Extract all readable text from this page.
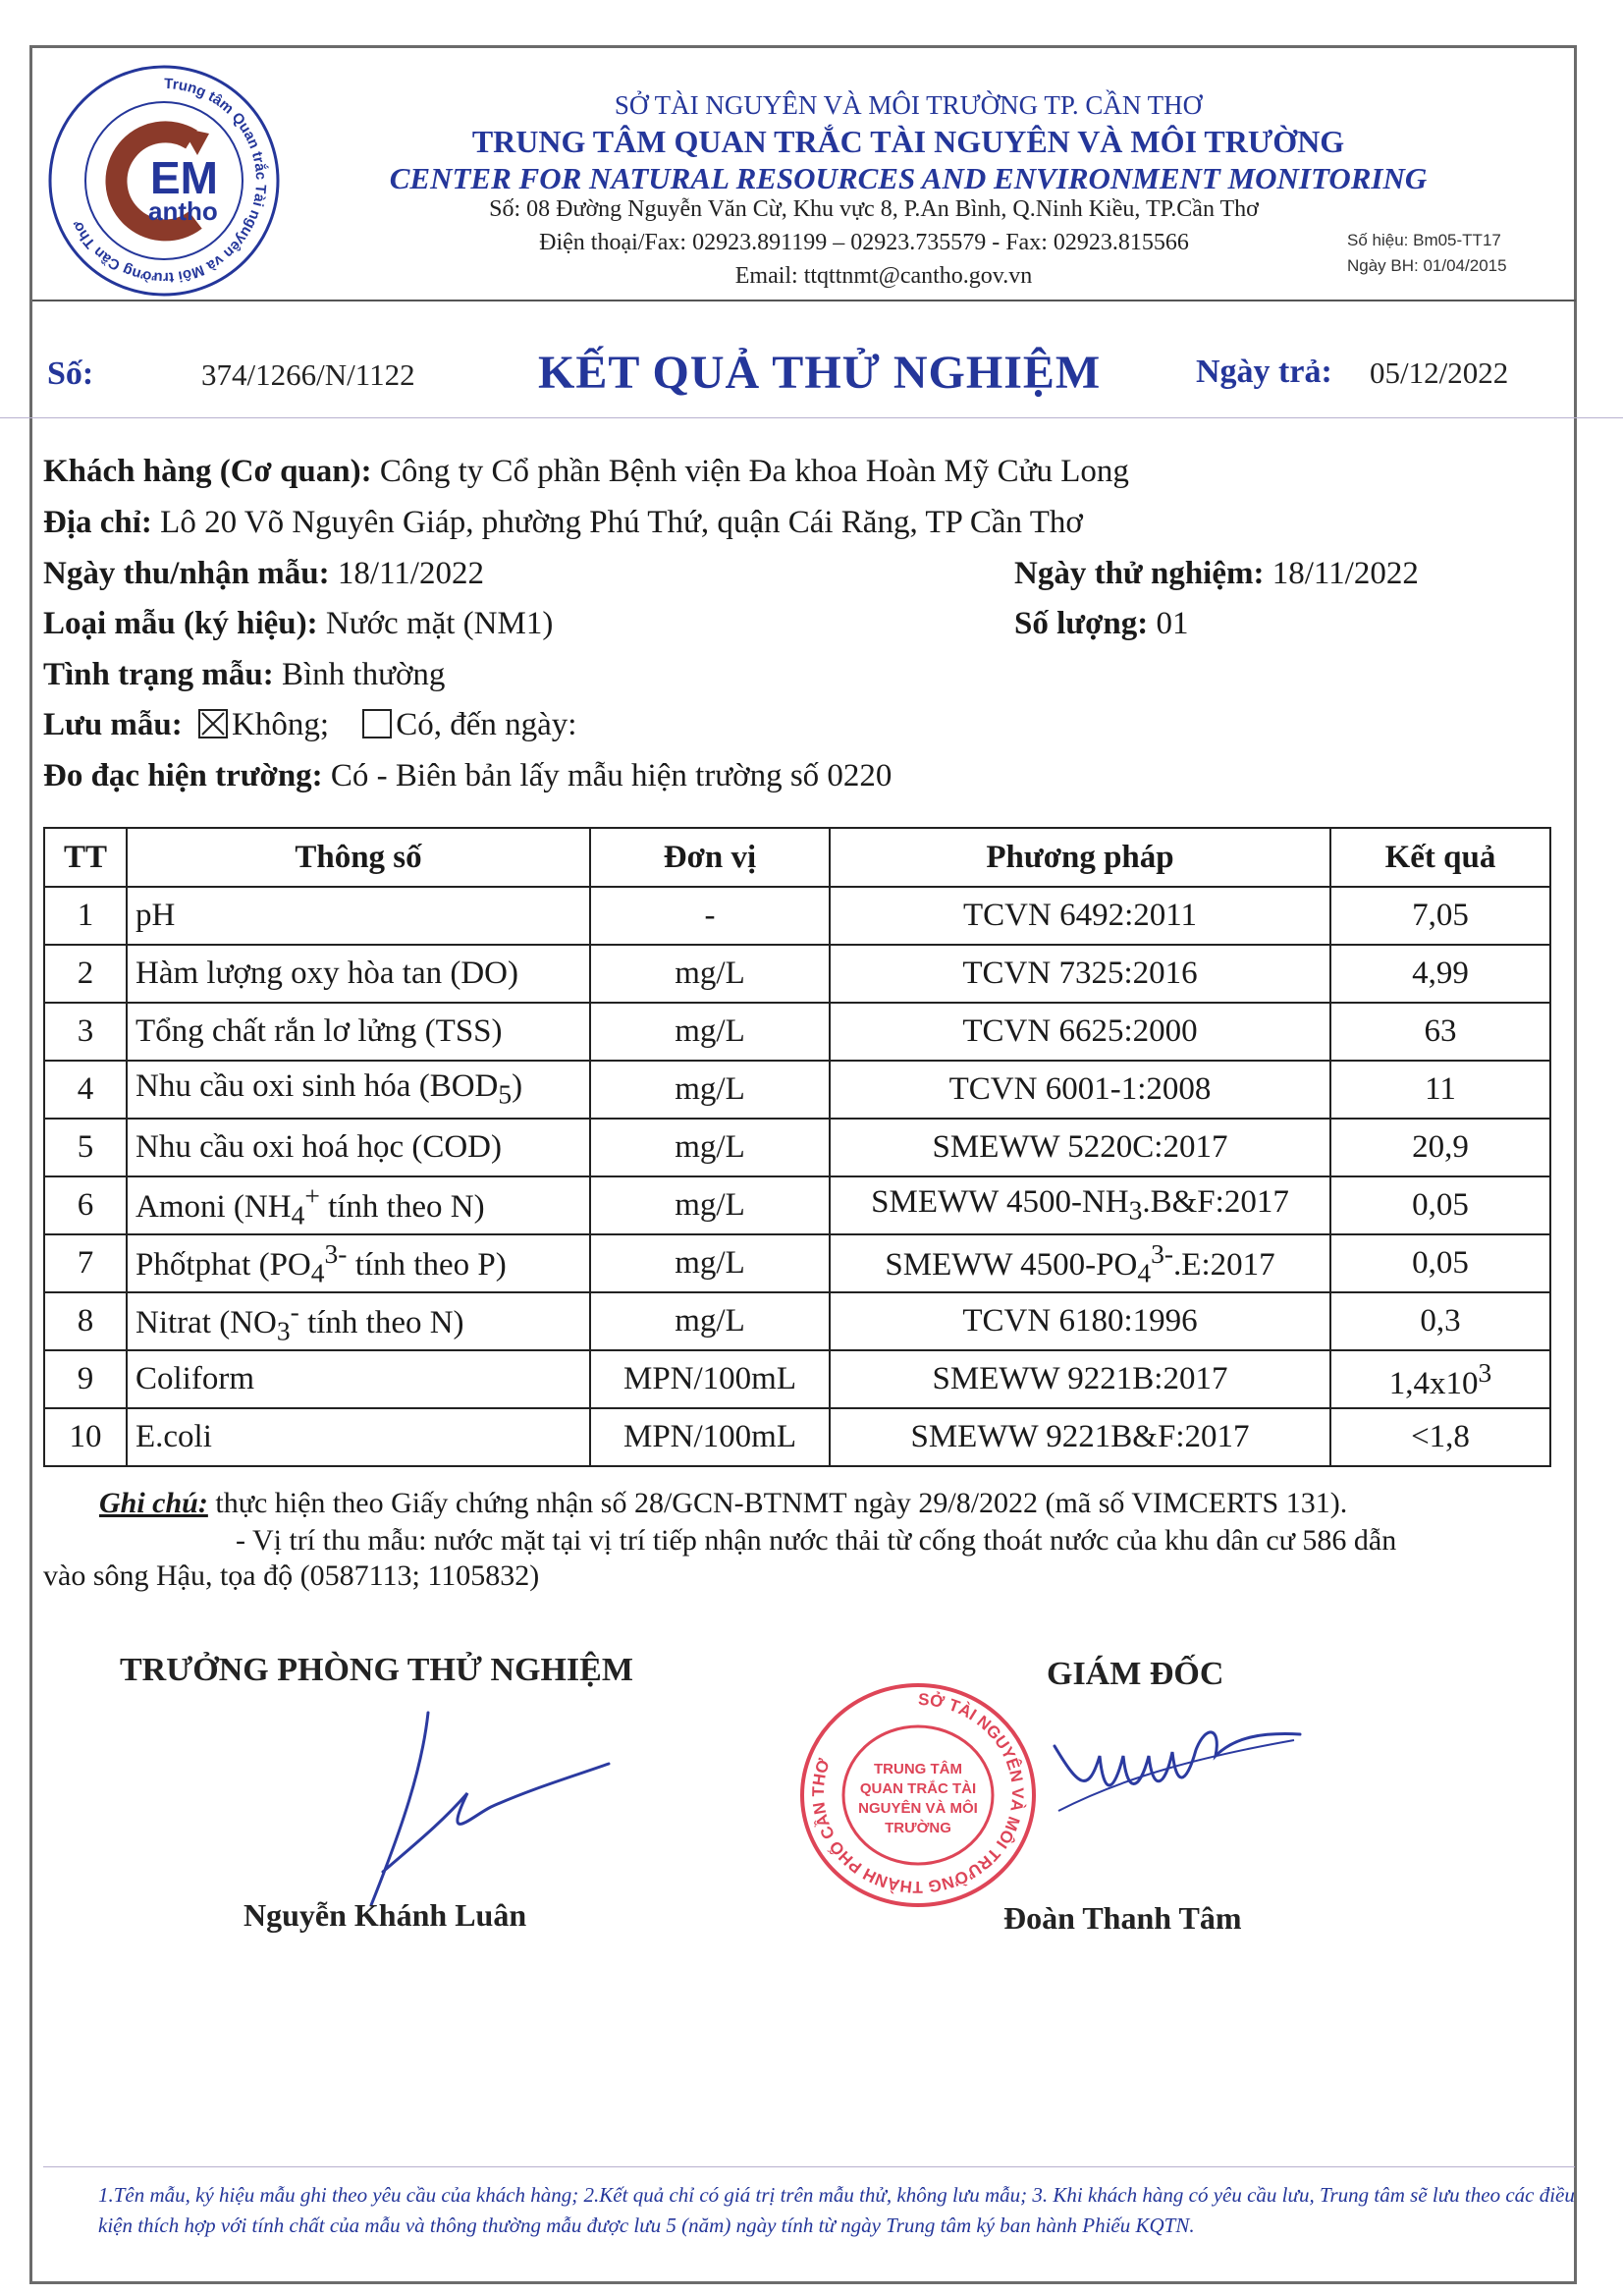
Trung tâm Quan trắc Tài nguyên và Môi trường Cần Thơ
EM
antho
SỞ TÀI NGUYÊN VÀ MÔI TRƯỜNG TP. CẦN THƠ
TRUNG TÂM QUAN TRẮC TÀI NGUYÊN VÀ MÔI TRƯỜNG
CENTER FOR NATURAL RESOURCES AND ENVIRONMENT MONITORING
Số: 08 Đường Nguyễn Văn Cừ, Khu vực 8, P.An Bình, Q.Ninh Kiều, TP.Cần Thơ
Điện thoại/Fax: 02923.891199 – 02923.735579 - Fax: 02923.815566
Email: ttqttnmt@cantho.gov.vn
Số hiệu: Bm05-TT17
Ngày BH: 01/04/2015
Số:	374/1266/N/1122	KẾT QUẢ THỬ NGHIỆM	Ngày trả: 05/12/2022
Khách hàng (Cơ quan): Công ty Cổ phần Bệnh viện Đa khoa Hoàn Mỹ Cửu Long
Địa chỉ: Lô 20 Võ Nguyên Giáp, phường Phú Thứ, quận Cái Răng, TP Cần Thơ
Ngày thu/nhận mẫu: 18/11/2022	Ngày thử nghiệm: 18/11/2022
Loại mẫu (ký hiệu): Nước mặt (NM1)	Số lượng: 01
Tình trạng mẫu: Bình thường
Lưu mẫu: Không; Có, đến ngày:
Đo đạc hiện trường: Có - Biên bản lấy mẫu hiện trường số 0220
TT	Thông số	Đơn vị	Phương pháp	Kết quả
1	pH	-	TCVN 6492:2011	7,05
2	Hàm lượng oxy hòa tan (DO)	mg/L	TCVN 7325:2016	4,99
3	Tổng chất rắn lơ lửng (TSS)	mg/L	TCVN 6625:2000	63
4	Nhu cầu oxi sinh hóa $(BOD_5)$	mg/L	TCVN 6001-1:2008	11
5	Nhu cầu oxi hoá học (COD)	mg/L	SMEWW 5220C:2017	20,9
6	Amoni ($NH_4^+$ tính theo N)	mg/L	SMEWW $4500-NH_3.B\&F:2017$	0,05
7	Phốtphat ($PO_4^{3-}$ tính theo P)	mg/L	SMEWW $4500-PO_4^{3-}.E:2017$	0,05
8	Nitrat ($NO_3^-$ tính theo N)	mg/L	TCVN 6180:1996	0,3
9	Coliform	MPN/100mL	SMEWW 9221B:2017	$1,4x10^3$
10	E.coli	MPN/100mL	SMEWW 9221B&F:2017	<1,8
Ghi chú: thực hiện theo Giấy chứng nhận số 28/GCN-BTNMT ngày 29/8/2022 (mã số VIMCERTS 131).
- Vị trí thu mẫu: nước mặt tại vị trí tiếp nhận nước thải từ cống thoát nước của khu dân cư 586 dẫn
vào sông Hậu, tọa độ (0587113; 1105832)
TRƯỞNG PHÒNG THỬ NGHIỆM	GIÁM ĐỐC
SỞ TÀI NGUYÊN VÀ MÔI TRƯỜNG THÀNH PHỐ CẦN THƠ	TRUNG TÂM QUAN TRẮC TÀI NGUYÊN VÀ MÔI TRƯỜNG
Nguyễn Khánh Luân	Đoàn Thanh Tâm
1.Tên mẫu, ký hiệu mẫu ghi theo yêu cầu của khách hàng; 2.Kết quả chỉ có giá trị trên mẫu thử, không lưu mẫu; 3. Khi khách hàng có yêu cầu lưu, Trung tâm sẽ lưu theo các điều kiện thích hợp với tính chất của mẫu và thông thường mẫu được lưu 5 (năm) ngày tính từ ngày Trung tâm ký ban hành Phiếu KQTN.
